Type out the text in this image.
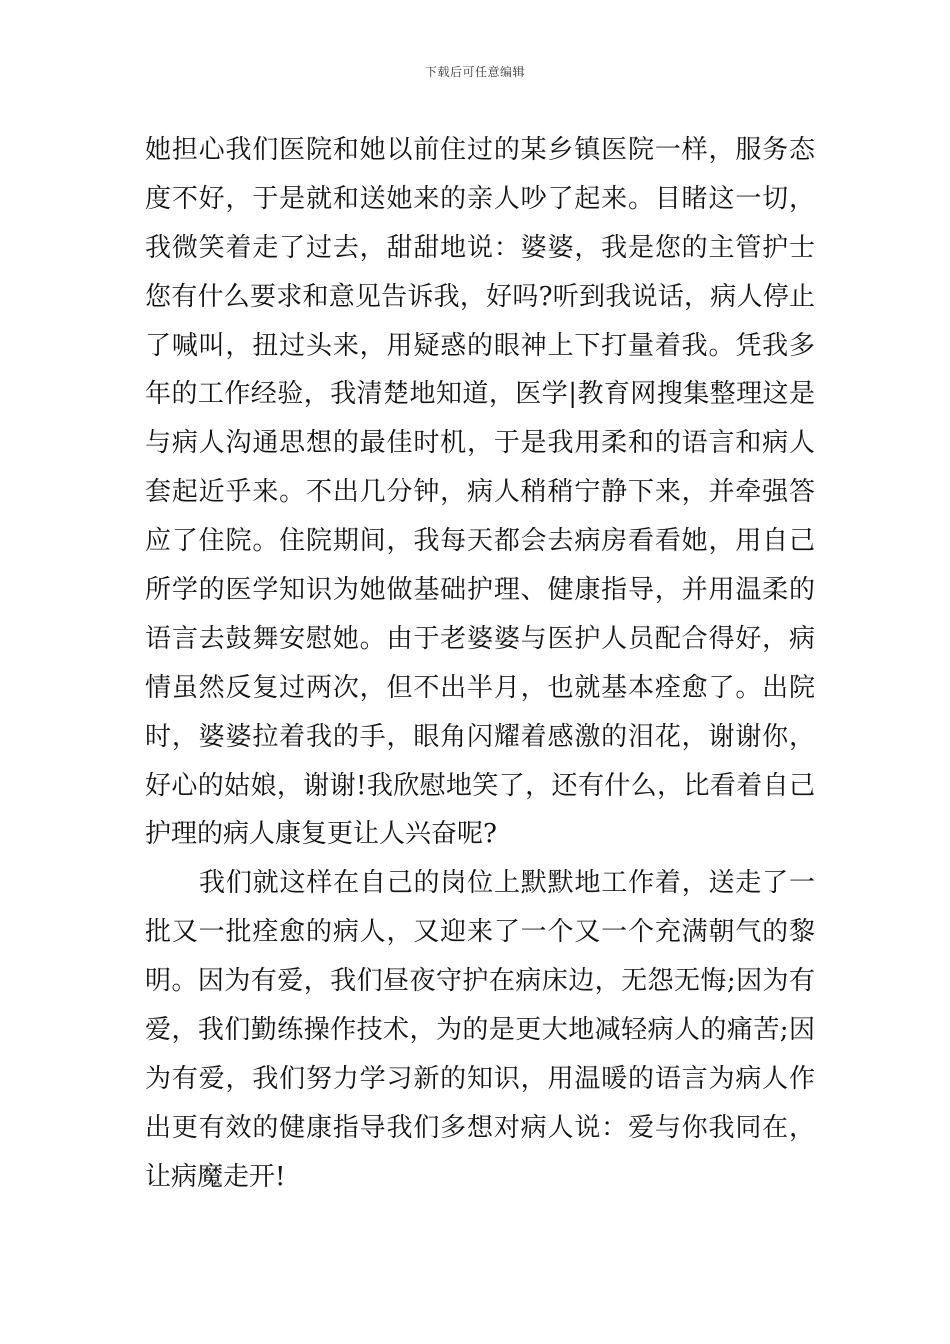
下载后可任意编辑
她担心我们医院和她以前住过的某乡镇医院一样，服务态
度不好，于是就和送她来的亲人吵了起来。目睹这一切，
我微笑着走了过去，甜甜地说：婆婆，我是您的主管护士
您有什么要求和意见告诉我，好吗?听到我说话，病人停止
了喊叫，扭过头来，用疑惑的眼神上下打量着我。凭我多
年的工作经验，我清楚地知道，医学|教育网搜集整理这是
与病人沟通思想的最佳时机，于是我用柔和的语言和病人
套起近乎来。不出几分钟，病人稍稍宁静下来，并牵强答
应了住院。住院期间，我每天都会去病房看看她，用自己
所学的医学知识为她做基础护理、健康指导，并用温柔的
语言去鼓舞安慰她。由于老婆婆与医护人员配合得好，病
情虽然反复过两次，但不出半月，也就基本痊愈了。出院
时，婆婆拉着我的手，眼角闪耀着感激的泪花，谢谢你，
好心的姑娘，谢谢!我欣慰地笑了，还有什么，比看着自己
护理的病人康复更让人兴奋呢?
我们就这样在自己的岗位上默默地工作着，送走了一
批又一批痊愈的病人，又迎来了一个又一个充满朝气的黎
明。因为有爱，我们昼夜守护在病床边，无怨无悔;因为有
爱，我们勤练操作技术，为的是更大地减轻病人的痛苦;因
为有爱，我们努力学习新的知识，用温暖的语言为病人作
出更有效的健康指导我们多想对病人说：爱与你我同在，
让病魔走开!
